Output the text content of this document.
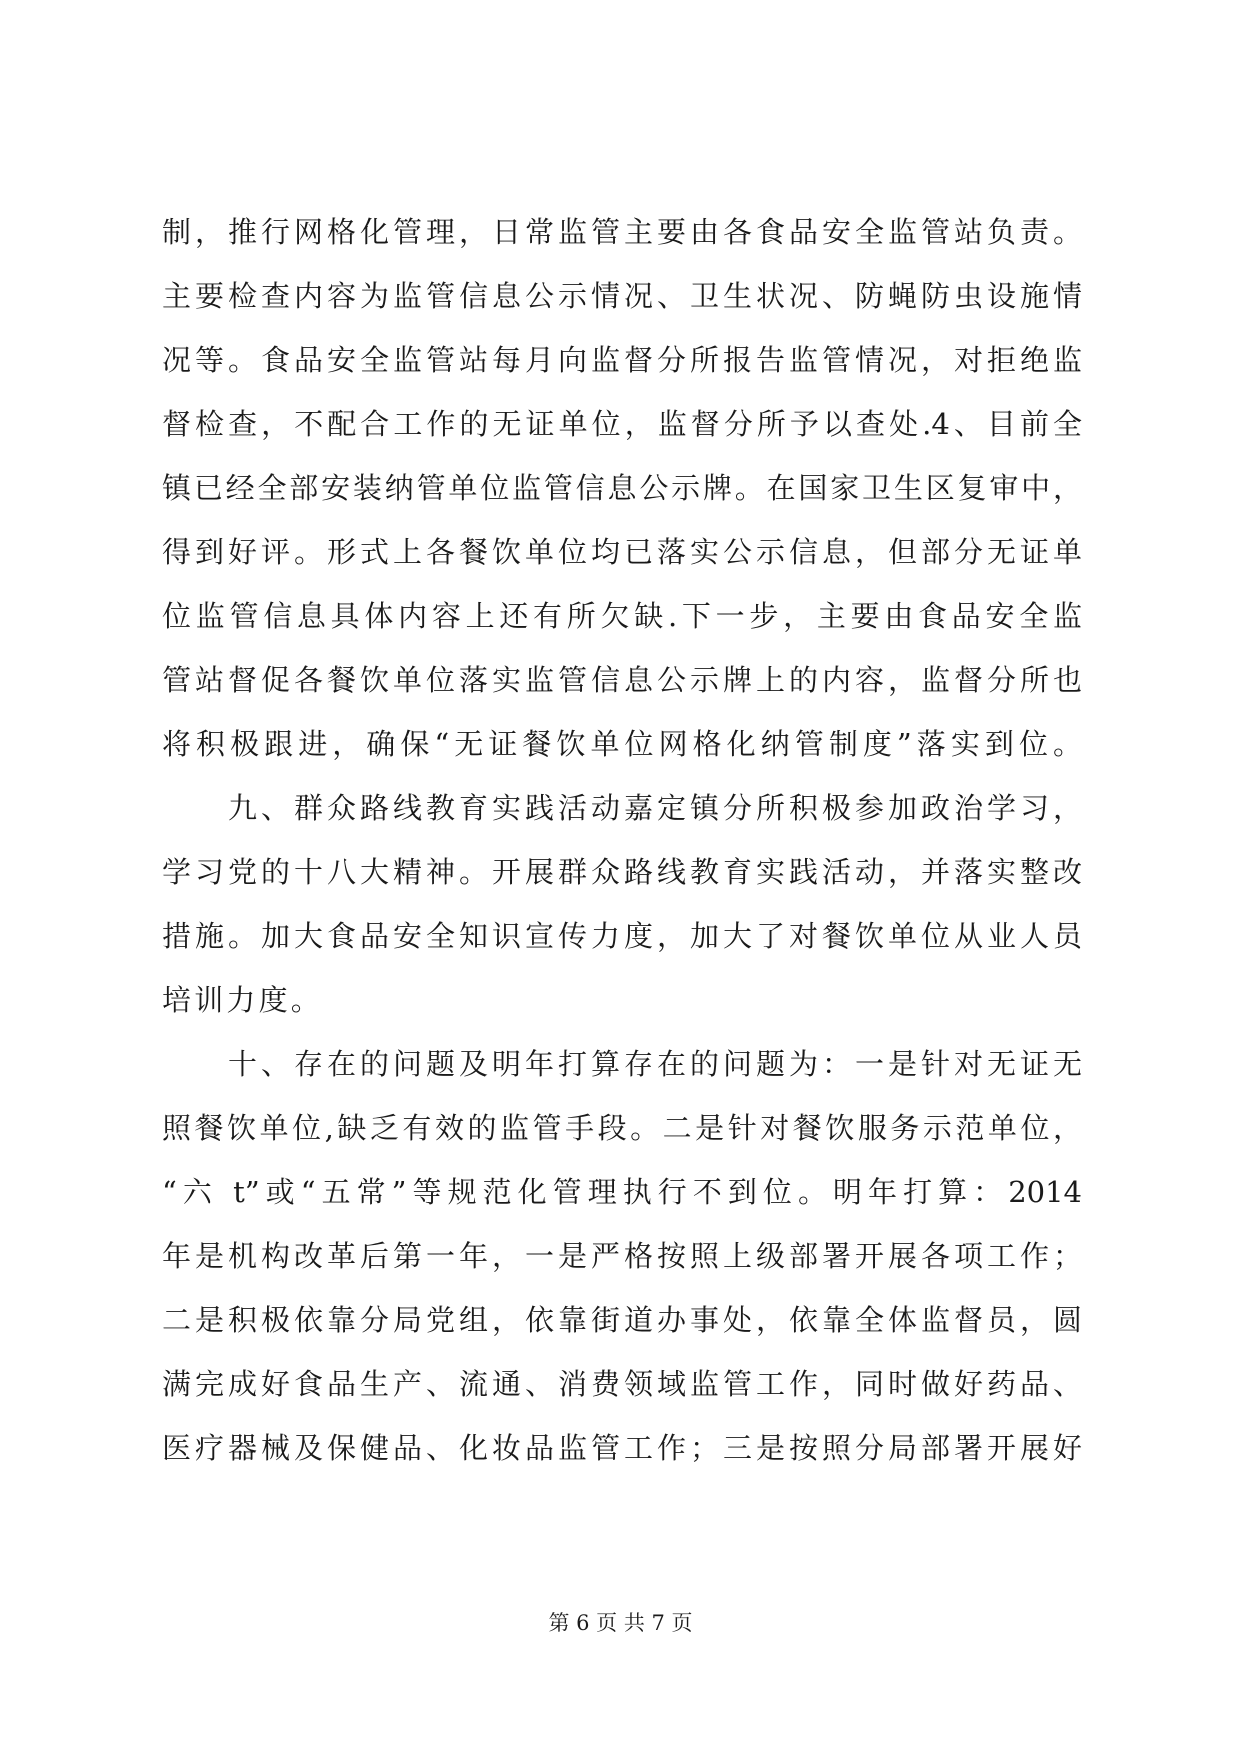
制，推行网格化管理，日常监管主要由各食品安全监管站负责。
主要检查内容为监管信息公示情况、卫生状况、防蝇防虫设施情
况等。食品安全监管站每月向监督分所报告监管情况，对拒绝监
督检查，不配合工作的无证单位，监督分所予以查处.4、目前全
镇已经全部安装纳管单位监管信息公示牌。在国家卫生区复审中，
得到好评。形式上各餐饮单位均已落实公示信息，但部分无证单
位监管信息具体内容上还有所欠缺.下一步，主要由食品安全监
管站督促各餐饮单位落实监管信息公示牌上的内容，监督分所也
将积极跟进，确保“无证餐饮单位网格化纳管制度”落实到位。
九、群众路线教育实践活动嘉定镇分所积极参加政治学习，
学习党的十八大精神。开展群众路线教育实践活动，并落实整改
措施。加大食品安全知识宣传力度，加大了对餐饮单位从业人员
培训力度。
十、存在的问题及明年打算存在的问题为：一是针对无证无
照餐饮单位,缺乏有效的监管手段。二是针对餐饮服务示范单位，
“六 t”或“五常”等规范化管理执行不到位。明年打算：2014
年是机构改革后第一年，一是严格按照上级部署开展各项工作；
二是积极依靠分局党组，依靠街道办事处，依靠全体监督员，圆
满完成好食品生产、流通、消费领域监管工作，同时做好药品、
医疗器械及保健品、化妆品监管工作；三是按照分局部署开展好
第 6 页 共 7 页
